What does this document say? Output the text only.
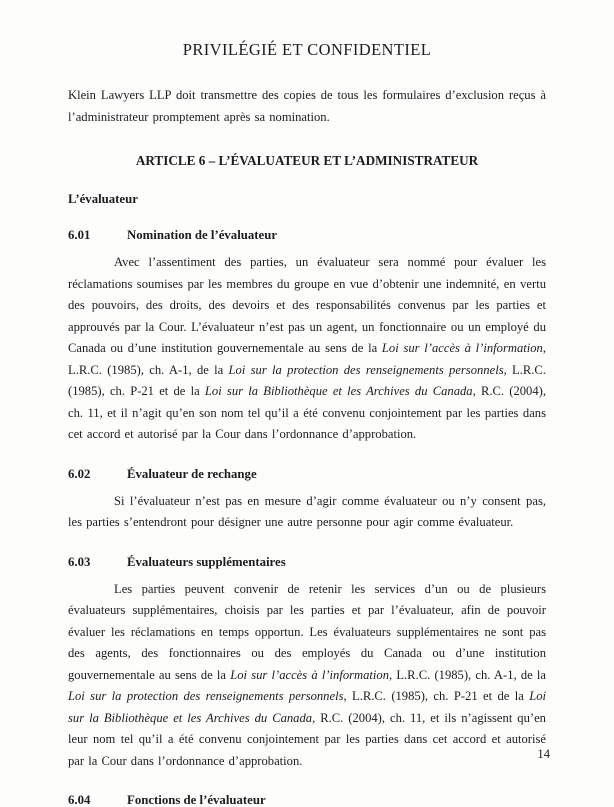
PRIVILÉGIÉ ET CONFIDENTIEL

Klein Lawyers LLP doit transmettre des copies de tous les formulaires d’exclusion reçus à l’administrateur promptement après sa nomination.

ARTICLE 6 – L’ÉVALUATEUR ET L’ADMINISTRATEUR
L’évaluateur
6.01	Nomination de l’évaluateur

Avec l’assentiment des parties, un évaluateur sera nommé pour évaluer les réclamations soumises par les membres du groupe en vue d’obtenir une indemnité, en vertu des pouvoirs, des droits, des devoirs et des responsabilités convenus par les parties et approuvés par la Cour. L’évaluateur n’est pas un agent, un fonctionnaire ou un employé du Canada ou d’une institution gouvernementale au sens de la Loi sur l’accès à l’information, L.R.C. (1985), ch. A-1, de la Loi sur la protection des renseignements personnels, L.R.C. (1985), ch. P-21 et de la Loi sur la Bibliothèque et les Archives du Canada, R.C. (2004), ch. 11, et il n’agit qu’en son nom tel qu’il a été convenu conjointement par les parties dans cet accord et autorisé par la Cour dans l’ordonnance d’approbation.

6.02	Évaluateur de rechange

Si l’évaluateur n’est pas en mesure d’agir comme évaluateur ou n’y consent pas, les parties s’entendront pour désigner une autre personne pour agir comme évaluateur.

6.03	Évaluateurs supplémentaires

Les parties peuvent convenir de retenir les services d’un ou de plusieurs évaluateurs supplémentaires, choisis par les parties et par l’évaluateur, afin de pouvoir évaluer les réclamations en temps opportun. Les évaluateurs supplémentaires ne sont pas des agents, des fonctionnaires ou des employés du Canada ou d’une institution gouvernementale au sens de la Loi sur l’accès à l’information, L.R.C. (1985), ch. A-1, de la Loi sur la protection des renseignements personnels, L.R.C. (1985), ch. P-21 et de la Loi sur la Bibliothèque et les Archives du Canada, R.C. (2004), ch. 11, et ils n’agissent qu’en leur nom tel qu’il a été convenu conjointement par les parties dans cet accord et autorisé par la Cour dans l’ordonnance d’approbation.

6.04	Fonctions de l’évaluateur
14
